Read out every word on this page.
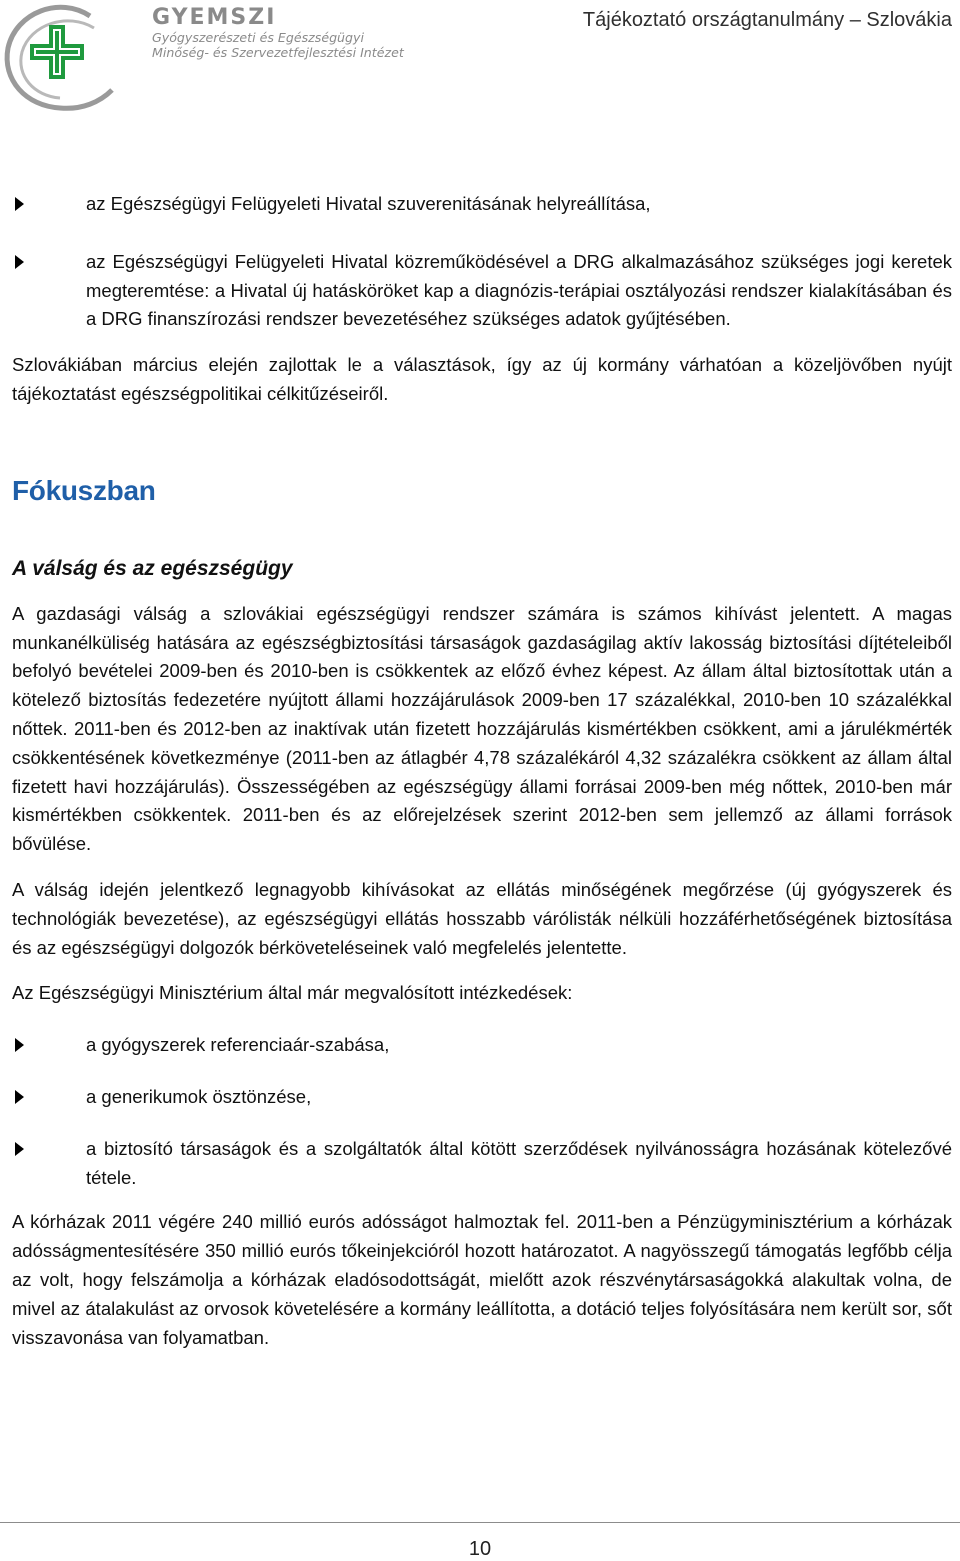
GYEMSZI
Gyógyszerészeti és Egészségügyi
Minőség- és Szervezetfejlesztési Intézet
Tájékoztató országtanulmány – Szlovákia
az Egészségügyi Felügyeleti Hivatal szuverenitásának helyreállítása,
az Egészségügyi Felügyeleti Hivatal közreműködésével a DRG alkalmazásához szükséges jogi keretek megteremtése: a Hivatal új hatásköröket kap a diagnózis-terápiai osztályozási rendszer kialakításában és a DRG finanszírozási rendszer bevezetéséhez szükséges adatok gyűjtésében.

Szlovákiában március elején zajlottak le a választások, így az új kormány várhatóan a közeljövőben nyújt tájékoztatást egészségpolitikai célkitűzéseiről.

Fókuszban
A válság és az egészségügy

A gazdasági válság a szlovákiai egészségügyi rendszer számára is számos kihívást jelentett. A magas munkanélküliség hatására az egészségbiztosítási társaságok gazdaságilag aktív lakosság biztosítási díjtételeiből befolyó bevételei 2009-ben és 2010-ben is csökkentek az előző évhez képest. Az állam által biztosítottak után a kötelező biztosítás fedezetére nyújtott állami hozzájárulások 2009-ben 17 százalékkal, 2010-ben 10 százalékkal nőttek. 2011-ben és 2012-ben az inaktívak után fizetett hozzájárulás kismértékben csökkent, ami a járulékmérték csökkentésének következménye (2011-ben az átlagbér 4,78 százalékáról 4,32 százalékra csökkent az állam által fizetett havi hozzájárulás). Összességében az egészségügy állami forrásai 2009-ben még nőttek, 2010-ben már kismértékben csökkentek. 2011-ben és az előrejelzések szerint 2012-ben sem jellemző az állami források bővülése.

A válság idején jelentkező legnagyobb kihívásokat az ellátás minőségének megőrzése (új gyógyszerek és technológiák bevezetése), az egészségügyi ellátás hosszabb várólisták nélküli hozzáférhetőségének biztosítása és az egészségügyi dolgozók bérköveteléseinek való megfelelés jelentette.

Az Egészségügyi Minisztérium által már megvalósított intézkedések:

a gyógyszerek referenciaár-szabása,
a generikumok ösztönzése,
a biztosító társaságok és a szolgáltatók által kötött szerződések nyilvánosságra hozásának kötelezővé tétele.

A kórházak 2011 végére 240 millió eurós adósságot halmoztak fel. 2011-ben a Pénzügyminisztérium a kórházak adósságmentesítésére 350 millió eurós tőkeinjekcióról hozott határozatot. A nagyösszegű támogatás legfőbb célja az volt, hogy felszámolja a kórházak eladósodottságát, mielőtt azok részvénytársaságokká alakultak volna, de mivel az átalakulást az orvosok követelésére a kormány leállította, a dotáció teljes folyósítására nem került sor, sőt visszavonása van folyamatban.

10
